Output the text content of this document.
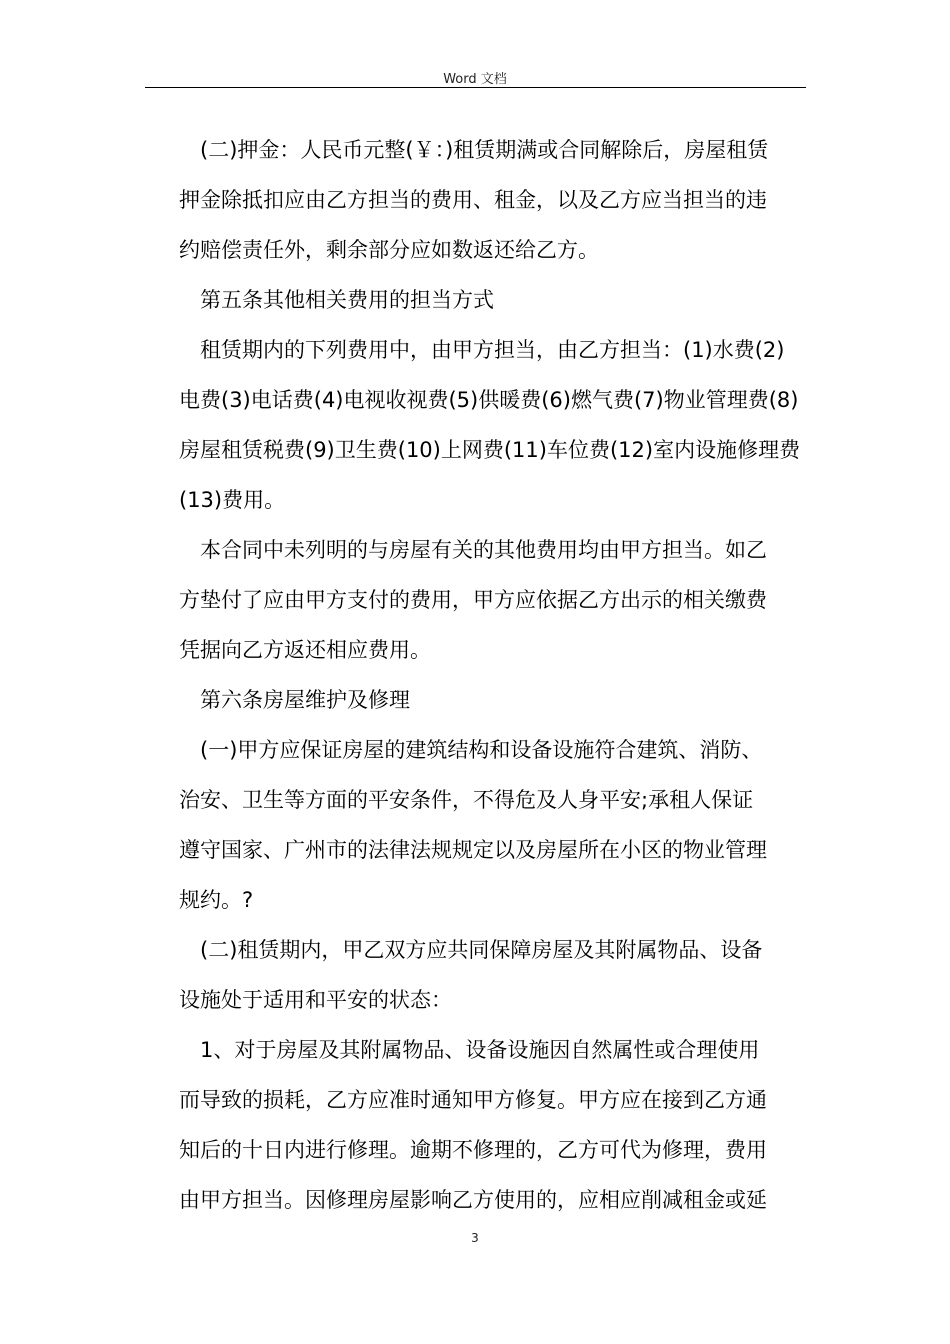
Word 文档
(二)押金：人民币元整(￥：)租赁期满或合同解除后，房屋租赁
押金除抵扣应由乙方担当的费用、租金，以及乙方应当担当的违
约赔偿责任外，剩余部分应如数返还给乙方。
第五条其他相关费用的担当方式
租赁期内的下列费用中，由甲方担当，由乙方担当：(1)水费(2)
电费(3)电话费(4)电视收视费(5)供暖费(6)燃气费(7)物业管理费(8)
房屋租赁税费(9)卫生费(10)上网费(11)车位费(12)室内设施修理费
(13)费用。
本合同中未列明的与房屋有关的其他费用均由甲方担当。如乙
方垫付了应由甲方支付的费用，甲方应依据乙方出示的相关缴费
凭据向乙方返还相应费用。
第六条房屋维护及修理
(一)甲方应保证房屋的建筑结构和设备设施符合建筑、消防、
治安、卫生等方面的平安条件，不得危及人身平安;承租人保证
遵守国家、广州市的法律法规规定以及房屋所在小区的物业管理
规约。?
(二)租赁期内，甲乙双方应共同保障房屋及其附属物品、设备
设施处于适用和平安的状态：
1、对于房屋及其附属物品、设备设施因自然属性或合理使用
而导致的损耗，乙方应准时通知甲方修复。甲方应在接到乙方通
知后的十日内进行修理。逾期不修理的，乙方可代为修理，费用
由甲方担当。因修理房屋影响乙方使用的，应相应削减租金或延
3
